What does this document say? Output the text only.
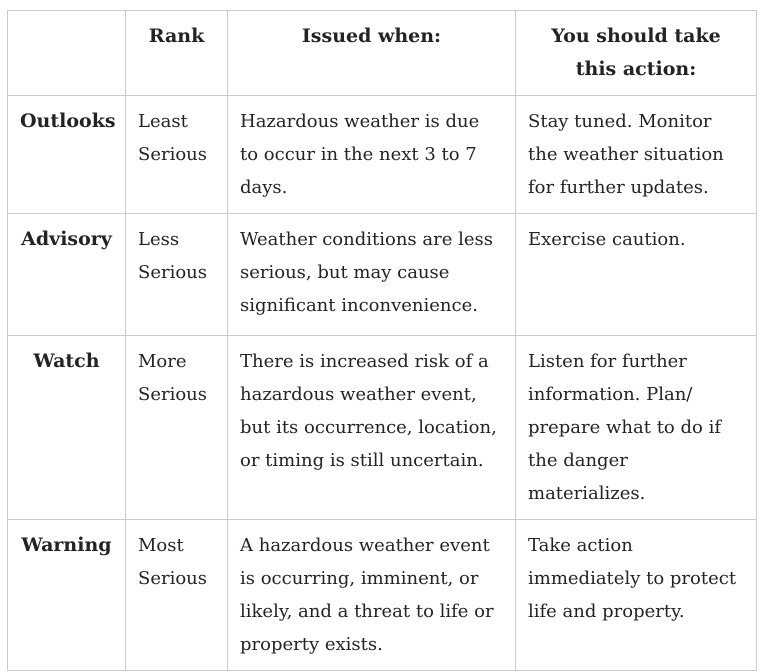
	Rank	Issued when:	You should take this action:
Outlooks	Least Serious	Hazardous weather is due to occur in the next 3 to 7 days.	Stay tuned. Monitor the weather situation for further updates.
Advisory	Less Serious	Weather conditions are less serious, but may cause significant inconvenience.	Exercise caution.
Watch	More Serious	There is increased risk of a hazardous weather event, but its occurrence, location, or timing is still uncertain.	Listen for further information. Plan/ prepare what to do if the danger materializes.
Warning	Most Serious	A hazardous weather event is occurring, imminent, or likely, and a threat to life or property exists.	Take action immediately to protect life and property.
